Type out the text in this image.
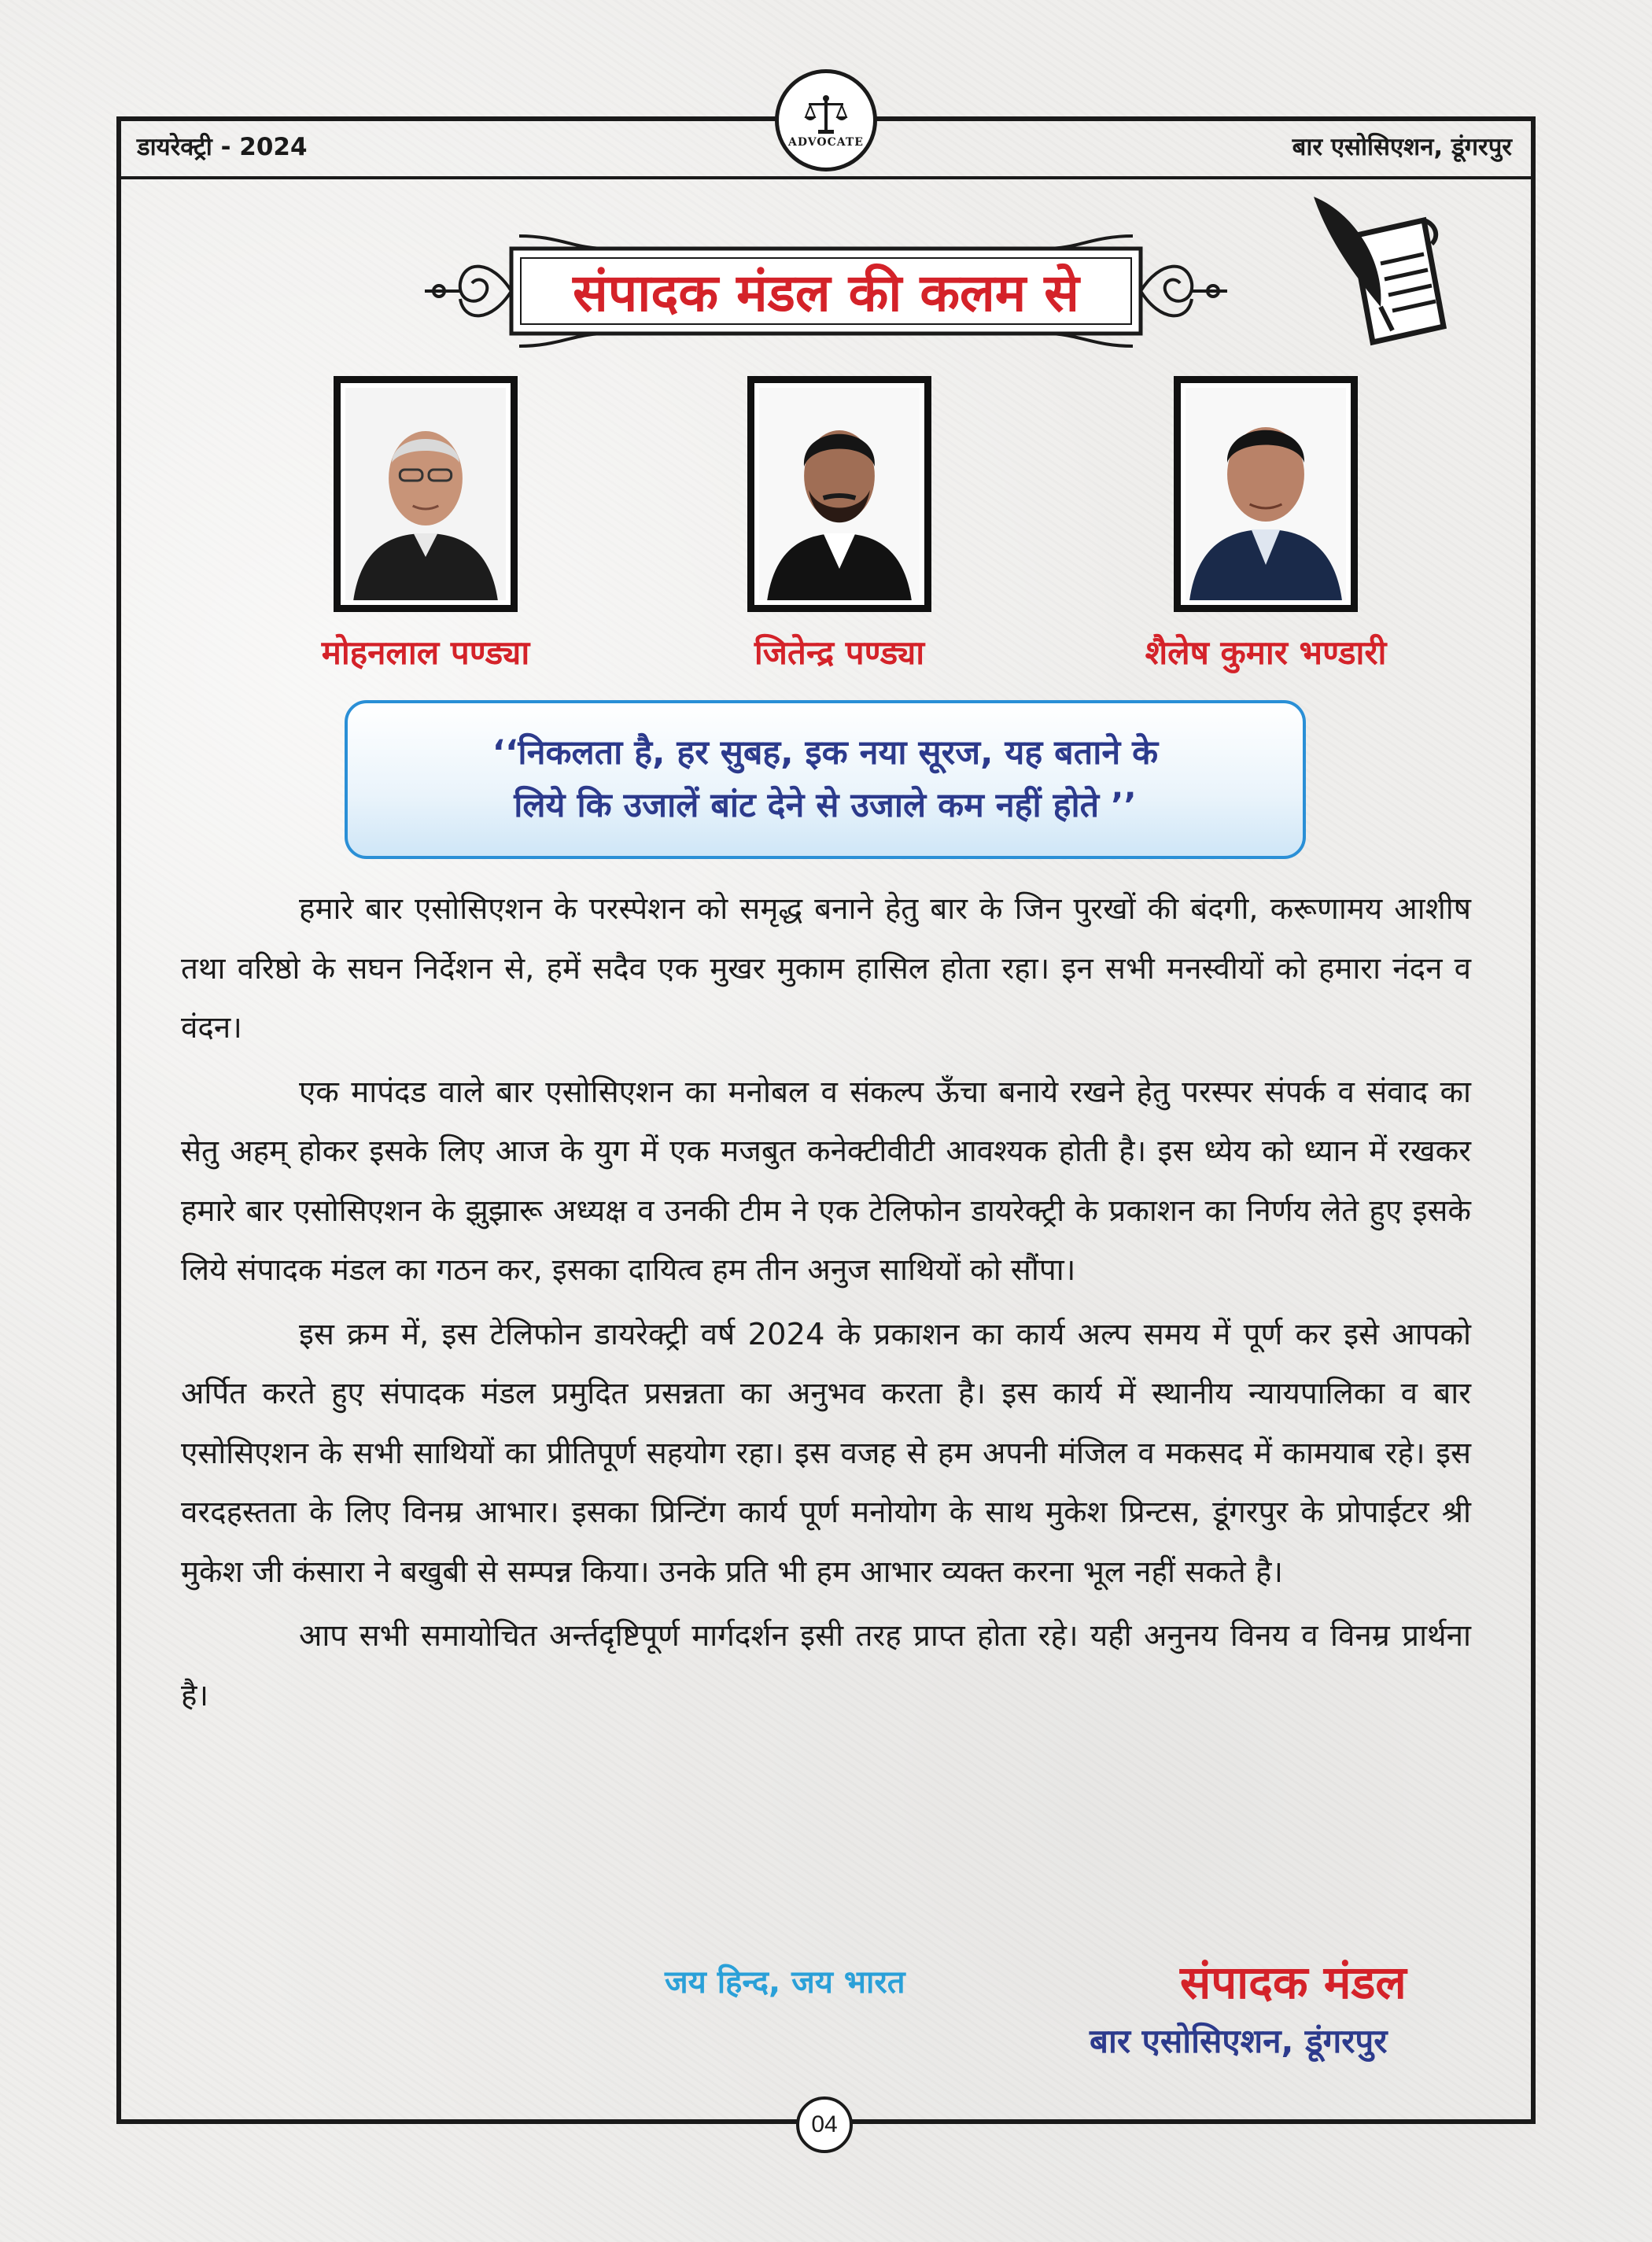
डायरेक्ट्री - 2024	बार एसोसिएशन, डूंगरपुर
ADVOCATE
संपादक मंडल की कलम से
मोहनलाल पण्ड्या	जितेन्द्र पण्ड्या	शैलेष कुमार भण्डारी
‘‘निकलता है, हर सुबह, इक नया सूरज, यह बताने के
लिये कि उजालें बांट देने से उजाले कम नहीं होते ’’

हमारे बार एसोसिएशन के परस्पेशन को समृद्ध बनाने हेतु बार के जिन पुरखों की बंदगी, करूणामय आशीष तथा वरिष्ठो के सघन निर्देशन से, हमें सदैव एक मुखर मुकाम हासिल होता रहा। इन सभी मनस्वीयों को हमारा नंदन व वंदन।

एक मापंदड वाले बार एसोसिएशन का मनोबल व संकल्प ऊँचा बनाये रखने हेतु परस्पर संपर्क व संवाद का सेतु अहम् होकर इसके लिए आज के युग में एक मजबुत कनेक्टीवीटी आवश्यक होती है। इस ध्येय को ध्यान में रखकर हमारे बार एसोसिएशन के झुझारू अध्यक्ष व उनकी टीम ने एक टेलिफोन डायरेक्ट्री के प्रकाशन का निर्णय लेते हुए इसके लिये संपादक मंडल का गठन कर, इसका दायित्व हम तीन अनुज साथियों को सौंपा।

इस क्रम में, इस टेलिफोन डायरेक्ट्री वर्ष 2024 के प्रकाशन का कार्य अल्प समय में पूर्ण कर इसे आपको अर्पित करते हुए संपादक मंडल प्रमुदित प्रसन्नता का अनुभव करता है। इस कार्य में स्थानीय न्यायपालिका व बार एसोसिएशन के सभी साथियों का प्रीतिपूर्ण सहयोग रहा। इस वजह से हम अपनी मंजिल व मकसद में कामयाब रहे। इस वरदहस्तता के लिए विनम्र आभार। इसका प्रिन्टिंग कार्य पूर्ण मनोयोग के साथ मुकेश प्रिन्टस, डूंगरपुर के प्रोपाईटर श्री मुकेश जी कंसारा ने बखुबी से सम्पन्न किया। उनके प्रति भी हम आभार व्यक्त करना भूल नहीं सकते है।

आप सभी समायोचित अर्न्तदृष्टिपूर्ण मार्गदर्शन इसी तरह प्राप्त होता रहे। यही अनुनय विनय व विनम्र प्रार्थना है।

जय हिन्द, जय भारत	संपादक मंडल
बार एसोसिएशन, डूंगरपुर
04
